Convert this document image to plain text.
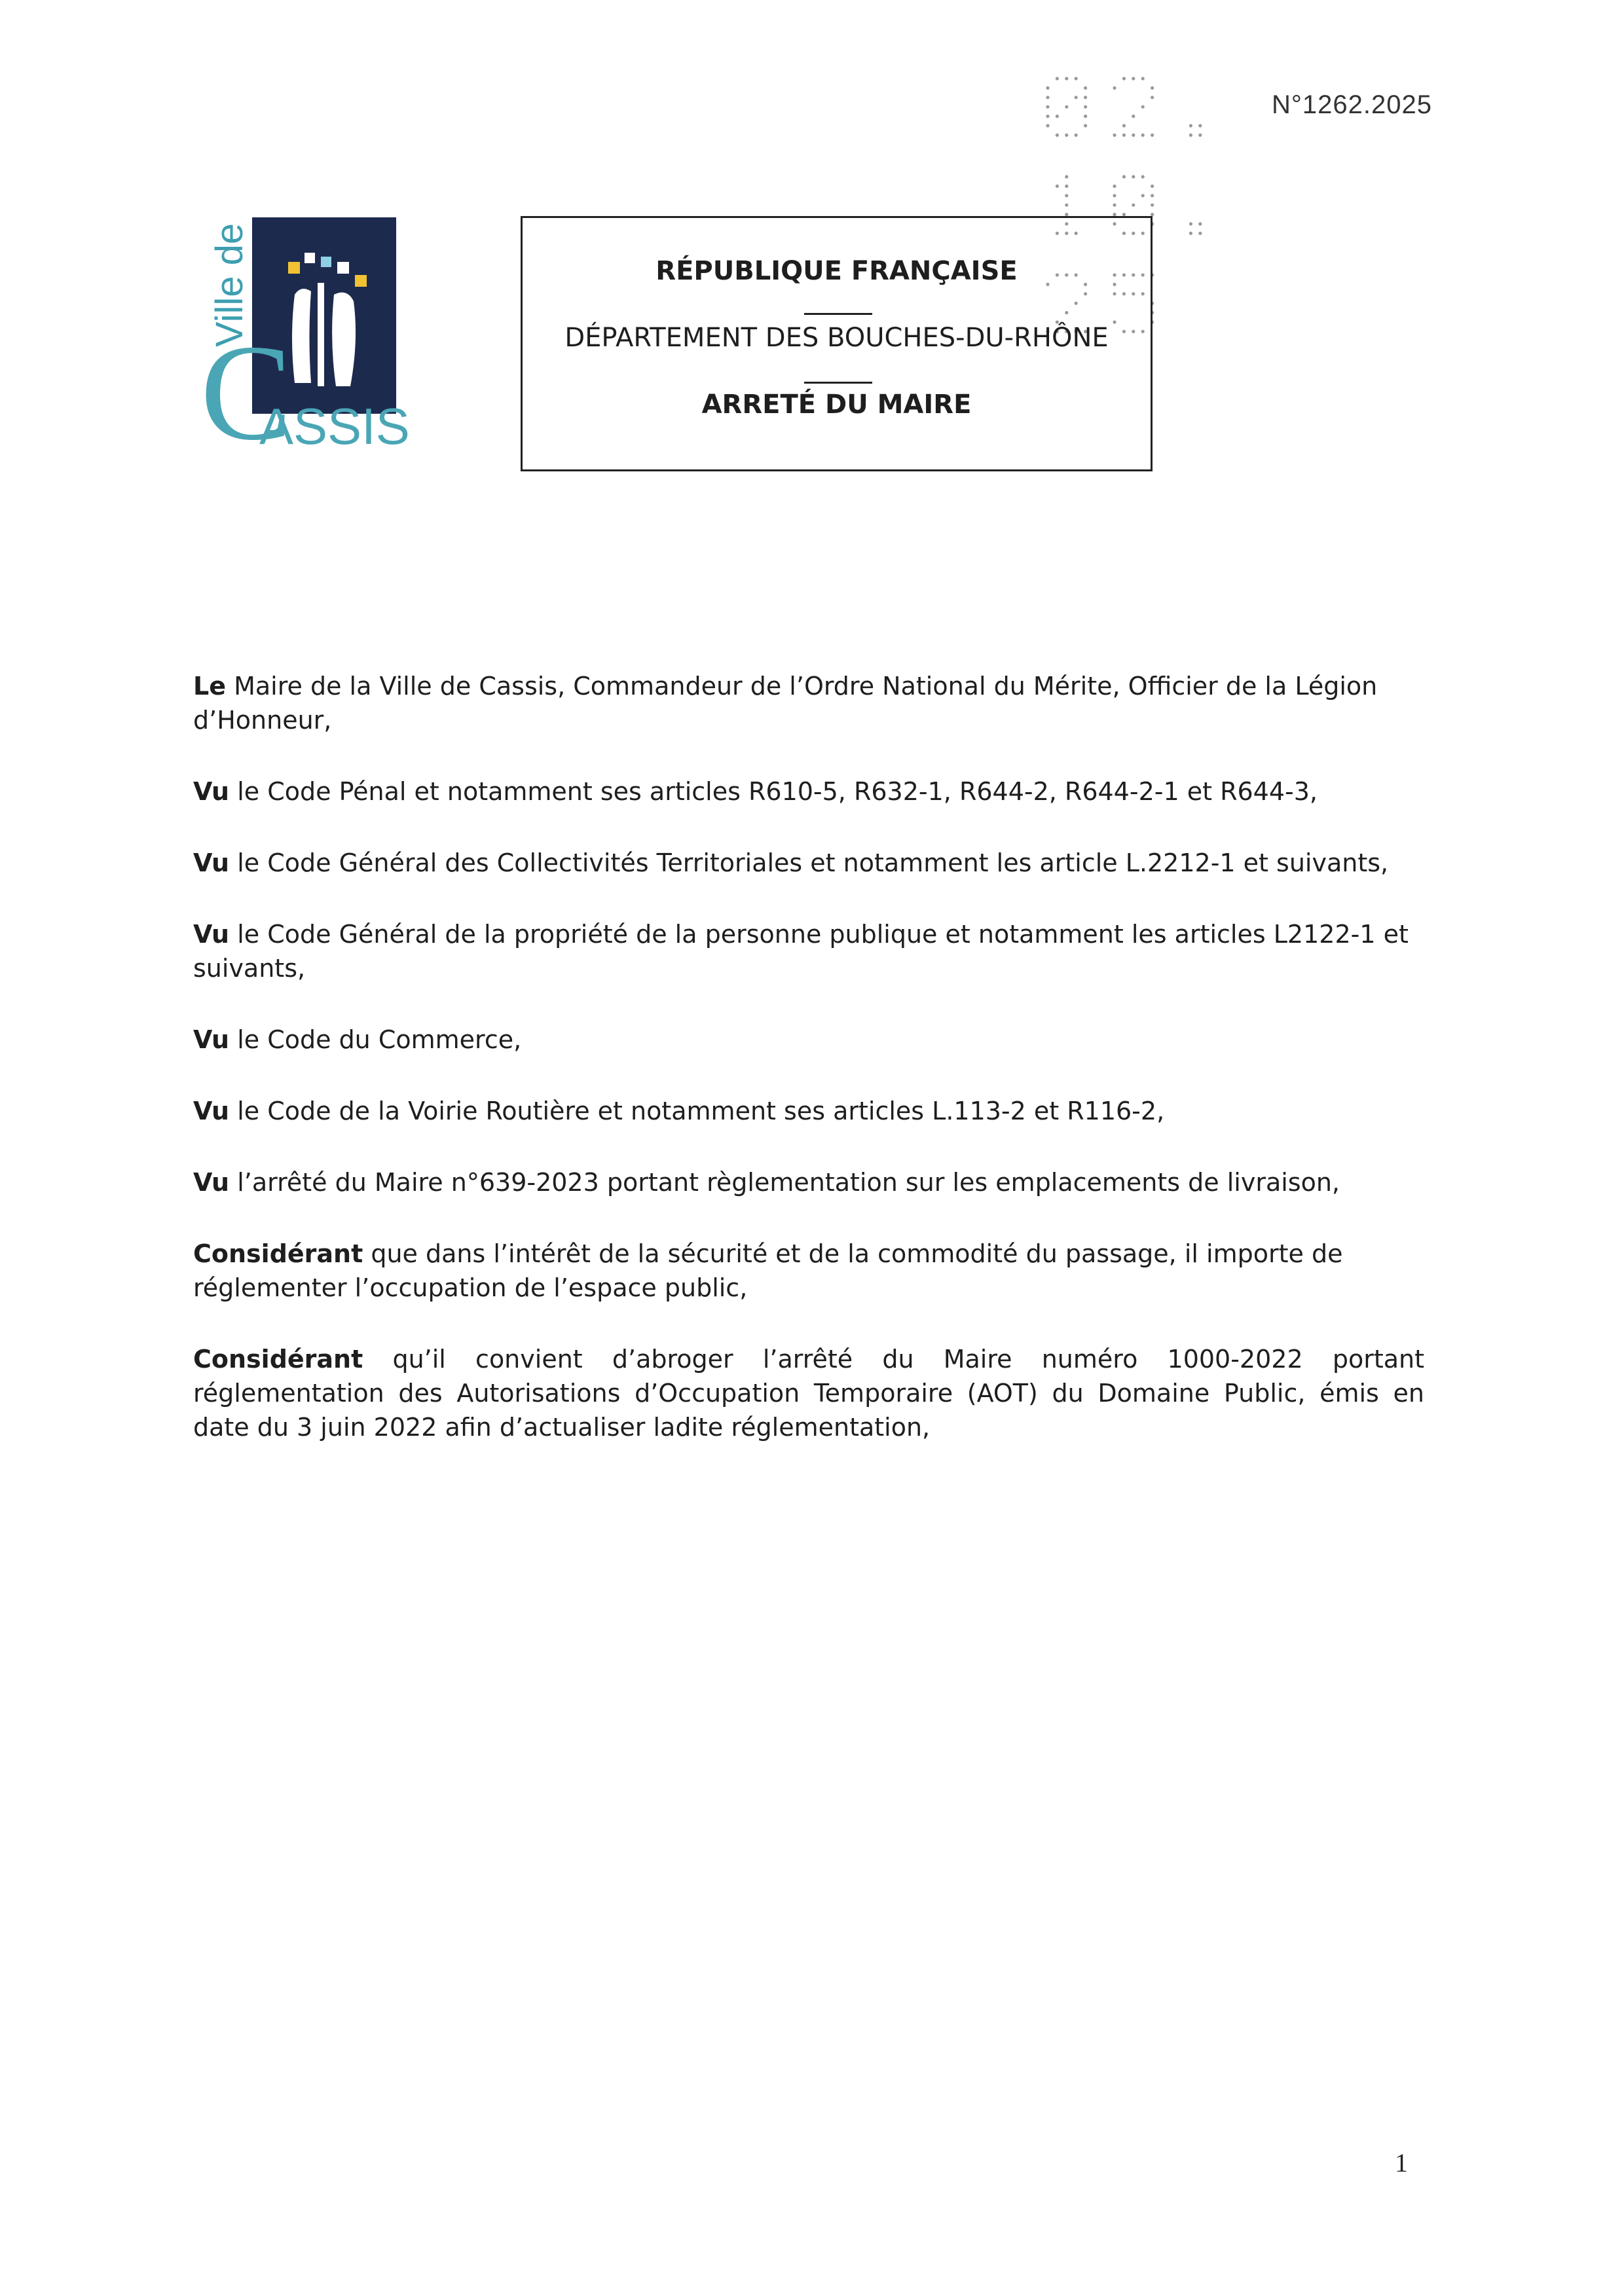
N°1262.2025
Ville de
C
ASSIS
RÉPUBLIQUE FRANÇAISE
DÉPARTEMENT DES BOUCHES-DU-RHÔNE
ARRETÉ DU MAIRE

Le Maire de la Ville de Cassis, Commandeur de l’Ordre National du Mérite, Officier de la Légion d’Honneur,

Vu le Code Pénal et notamment ses articles R610-5, R632-1, R644-2, R644-2-1 et R644-3,

Vu le Code Général des Collectivités Territoriales et notamment les article L.2212-1 et suivants,

Vu le Code Général de la propriété de la personne publique et notamment les articles L2122-1 et suivants,

Vu le Code du Commerce,

Vu le Code de la Voirie Routière et notamment ses articles L.113-2 et R116-2,

Vu l’arrêté du Maire n°639-2023 portant règlementation sur les emplacements de livraison,

Considérant que dans l’intérêt de la sécurité et de la commodité du passage, il importe de réglementer l’occupation de l’espace public,

Considérant qu’il convient d’abroger l’arrêté du Maire numéro 1000-2022 portant réglementation des Autorisations d’Occupation Temporaire (AOT) du Domaine Public, émis en date du 3 juin 2022 afin d’actualiser ladite réglementation,

1
